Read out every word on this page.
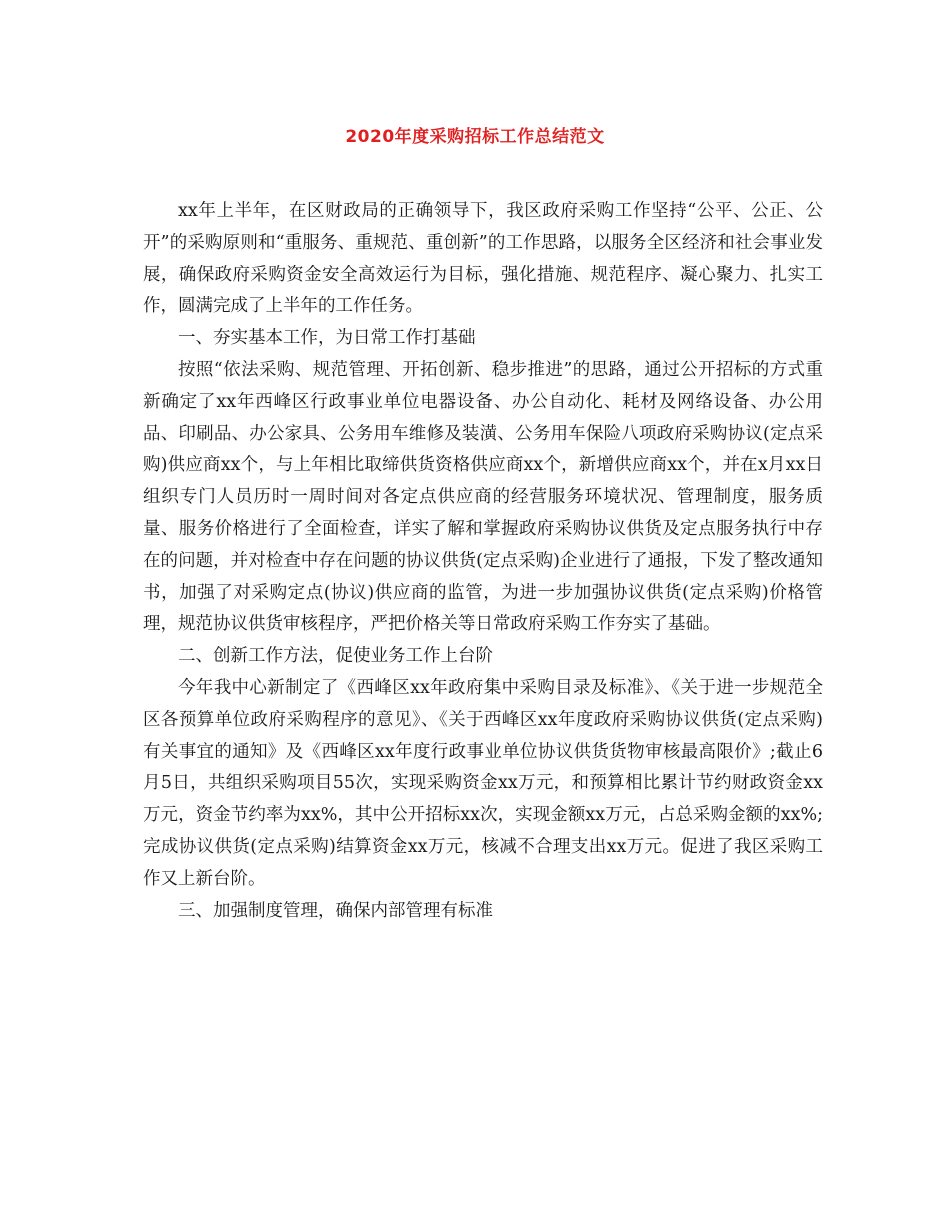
2020年度采购招标工作总结范文

xx年上半年，在区财政局的正确领导下，我区政府采购工作坚持“公平、公正、公开”的采购原则和“重服务、重规范、重创新”的工作思路，以服务全区经济和社会事业发展，确保政府采购资金安全高效运行为目标，强化措施、规范程序、凝心聚力、扎实工作，圆满完成了上半年的工作任务。

一、夯实基本工作，为日常工作打基础

按照“依法采购、规范管理、开拓创新、稳步推进”的思路，通过公开招标的方式重新确定了xx年西峰区行政事业单位电器设备、办公自动化、耗材及网络设备、办公用品、印刷品、办公家具、公务用车维修及装潢、公务用车保险八项政府采购协议(定点采购)供应商xx个，与上年相比取缔供货资格供应商xx个，新增供应商xx个，并在x月xx日组织专门人员历时一周时间对各定点供应商的经营服务环境状况、管理制度，服务质量、服务价格进行了全面检查，详实了解和掌握政府采购协议供货及定点服务执行中存在的问题，并对检查中存在问题的协议供货(定点采购)企业进行了通报，下发了整改通知书，加强了对采购定点(协议)供应商的监管，为进一步加强协议供货(定点采购)价格管理，规范协议供货审核程序，严把价格关等日常政府采购工作夯实了基础。

二、创新工作方法，促使业务工作上台阶

今年我中心新制定了《西峰区xx年政府集中采购目录及标准》、《关于进一步规范全区各预算单位政府采购程序的意见》、《关于西峰区xx年度政府采购协议供货(定点采购)有关事宜的通知》及《西峰区xx年度行政事业单位协议供货货物审核最高限价》;截止6月5日，共组织采购项目55次，实现采购资金xx万元，和预算相比累计节约财政资金xx万元，资金节约率为xx%，其中公开招标xx次，实现金额xx万元，占总采购金额的xx%;完成协议供货(定点采购)结算资金xx万元，核减不合理支出xx万元。促进了我区采购工作又上新台阶。

三、加强制度管理，确保内部管理有标准
